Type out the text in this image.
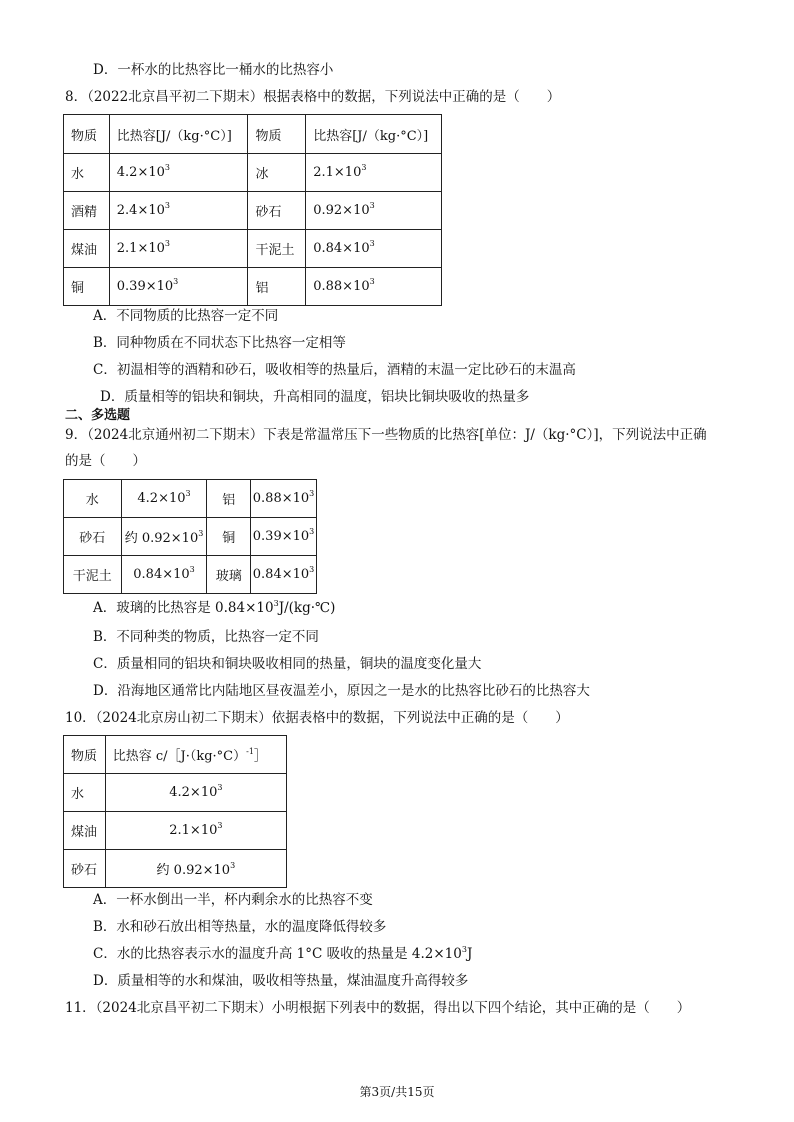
D．一杯水的比热容比一桶水的比热容小
8．（2022北京昌平初二下期末）根据表格中的数据，下列说法中正确的是（　　）
物质	比热容[J/（kg·°C）]	物质	比热容[J/（kg·°C）]
水	$4.2\times 10^3$	冰	$2.1\times 10^3$
酒精	$2.4\times 10^3$	砂石	$0.92\times 10^3$
煤油	$2.1\times 10^3$	干泥土	$0.84\times 10^3$
铜	$0.39\times 10^3$	铝	$0.88\times 10^3$
A．不同物质的比热容一定不同
B．同种物质在不同状态下比热容一定相等
C．初温相等的酒精和砂石，吸收相等的热量后，酒精的末温一定比砂石的末温高
D．质量相等的铝块和铜块，升高相同的温度，铝块比铜块吸收的热量多
二、多选题
9．（2024北京通州初二下期末）下表是常温常压下一些物质的比热容[单位：J/（kg·°C）]，下列说法中正确
的是（　　）
水	$4.2\times 10^3$	铝	$0.88\times 10^3$
砂石	约 $0.92\times 10^3$	铜	$0.39\times 10^3$
干泥土	$0.84\times 10^3$	玻璃	$0.84\times 10^3$
A．玻璃的比热容是 $0.84\times 10^3J/(kg\cdot℃)$
B．不同种类的物质，比热容一定不同
C．质量相同的铝块和铜块吸收相同的热量，铜块的温度变化量大
D．沿海地区通常比内陆地区昼夜温差小，原因之一是水的比热容比砂石的比热容大
10．（2024北京房山初二下期末）依据表格中的数据，下列说法中正确的是（　　）
物质	比热容 $c/[J\cdot(kg\cdot^\circ C)^{-1}]$
水	$4.2\times 10^3$
煤油	$2.1\times 10^3$
砂石	约 $0.92\times 10^3$
A．一杯水倒出一半，杯内剩余水的比热容不变
B．水和砂石放出相等热量，水的温度降低得较多
C．水的比热容表示水的温度升高 1°C 吸收的热量是 $4.2\times 10^3J$
D．质量相等的水和煤油，吸收相等热量，煤油温度升高得较多
11．（2024北京昌平初二下期末）小明根据下列表中的数据，得出以下四个结论，其中正确的是（　　）
第3页/共15页
